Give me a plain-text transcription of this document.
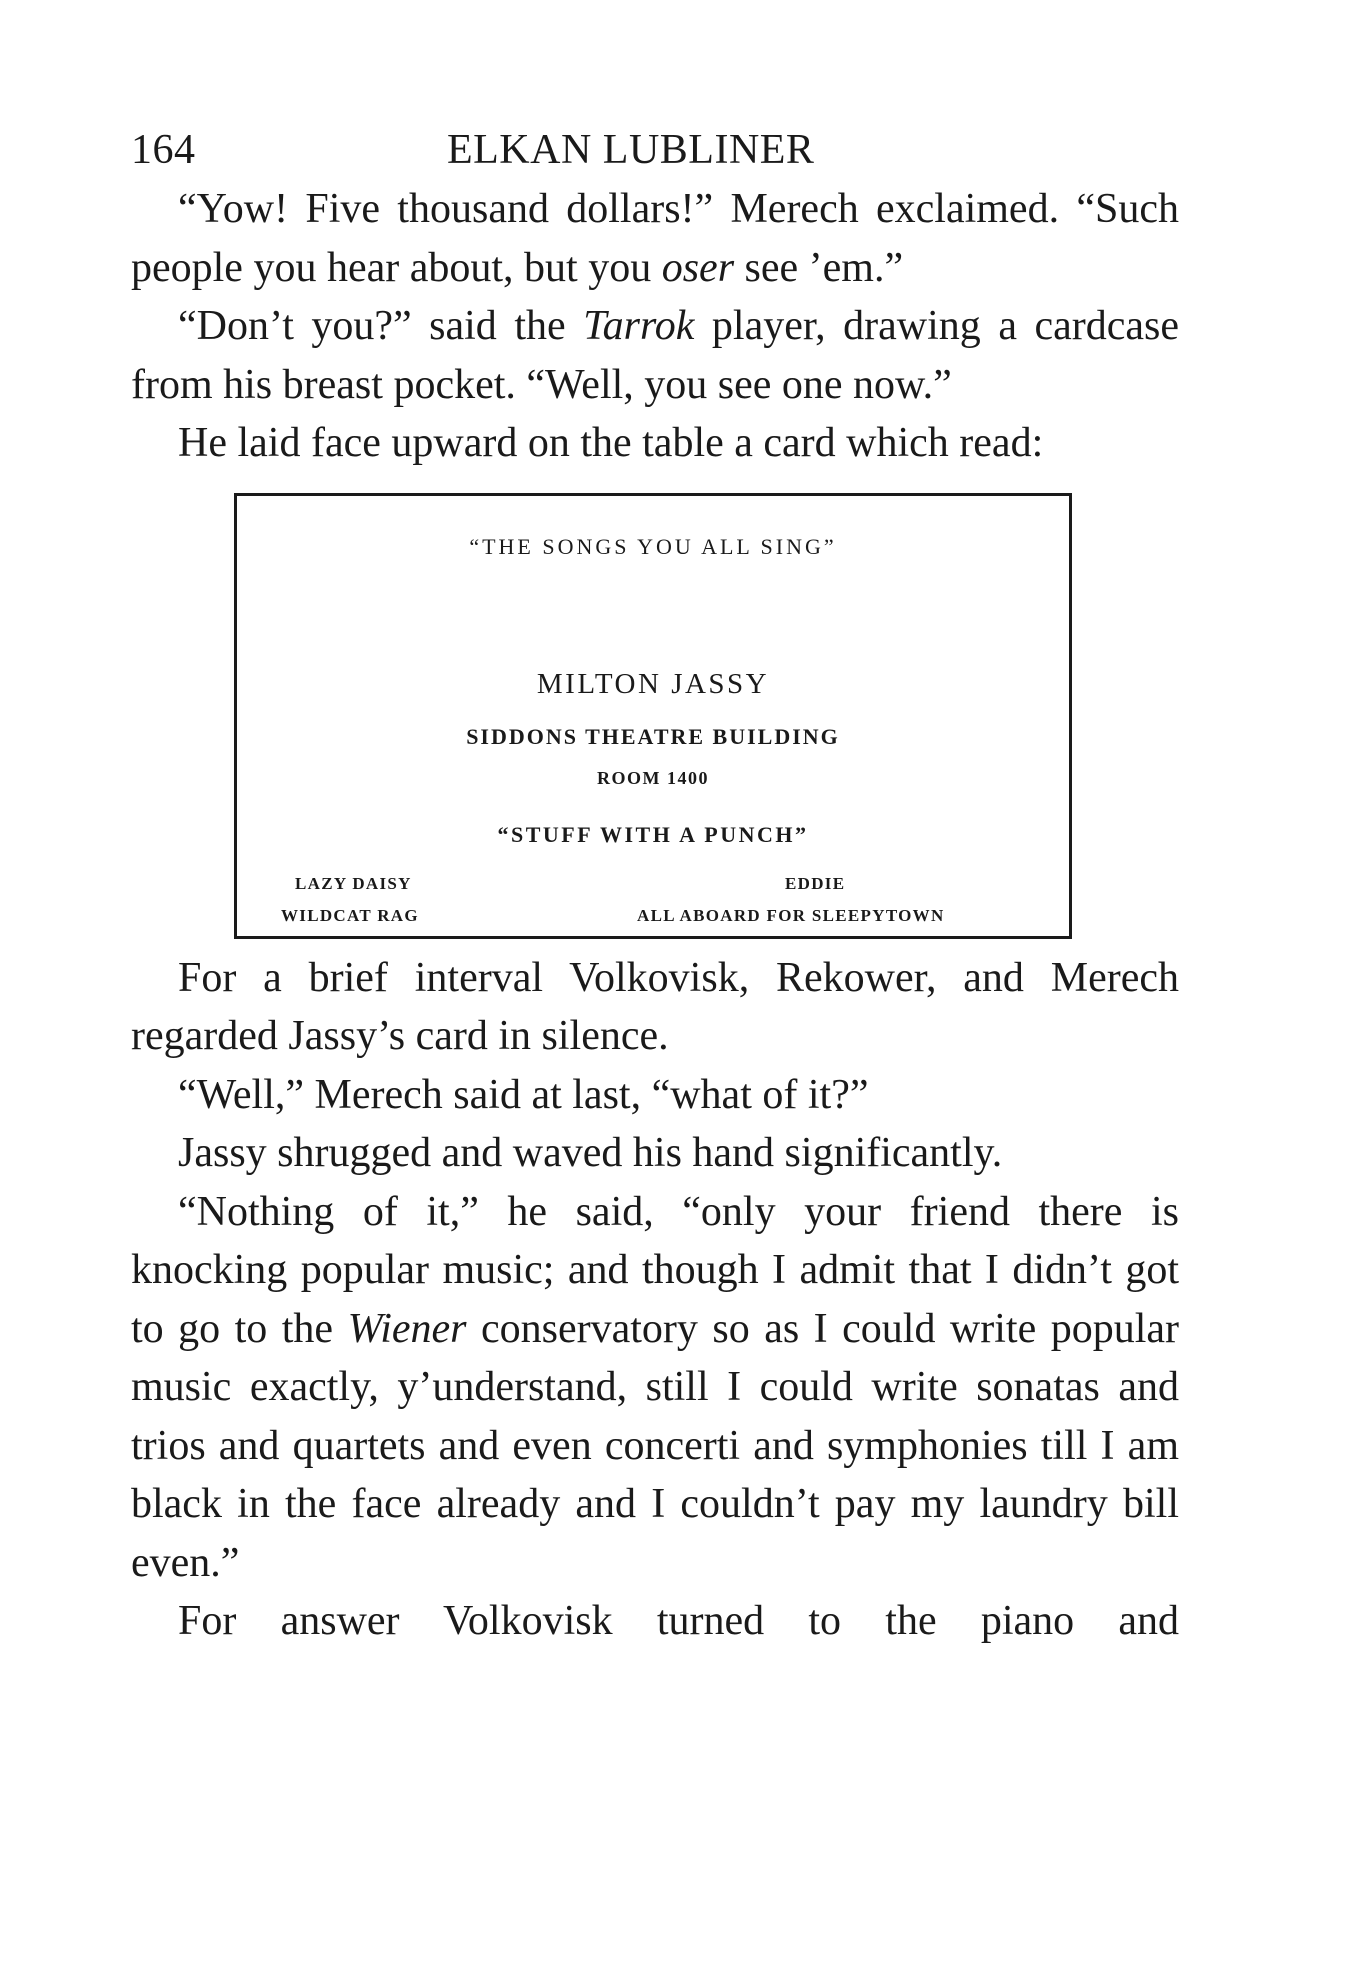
164	ELKAN LUBLINER

“Yow! Five thousand dollars!” Merech exclaimed. “Such people you hear about, but you oser see ’em.”

“Don’t you?” said the Tarrok player, drawing a cardcase from his breast pocket. “Well, you see one now.”

He laid face upward on the table a card which read:

“THE SONGS YOU ALL SING”
MILTON JASSY
SIDDONS THEATRE BUILDING
ROOM 1400
“STUFF WITH A PUNCH”
LAZY DAISY
WILDCAT RAG
EDDIE
ALL ABOARD FOR SLEEPYTOWN

For a brief interval Volkovisk, Rekower, and Merech regarded Jassy’s card in silence.

“Well,” Merech said at last, “what of it?”

Jassy shrugged and waved his hand significantly.

“Nothing of it,” he said, “only your friend there is knocking popular music; and though I admit that I didn’t got to go to the Wiener conservatory so as I could write popular music exactly, y’understand, still I could write sonatas and trios and quartets and even concerti and symphonies till I am black in the face already and I couldn’t pay my laundry bill even.”

For answer Volkovisk turned to the piano and
